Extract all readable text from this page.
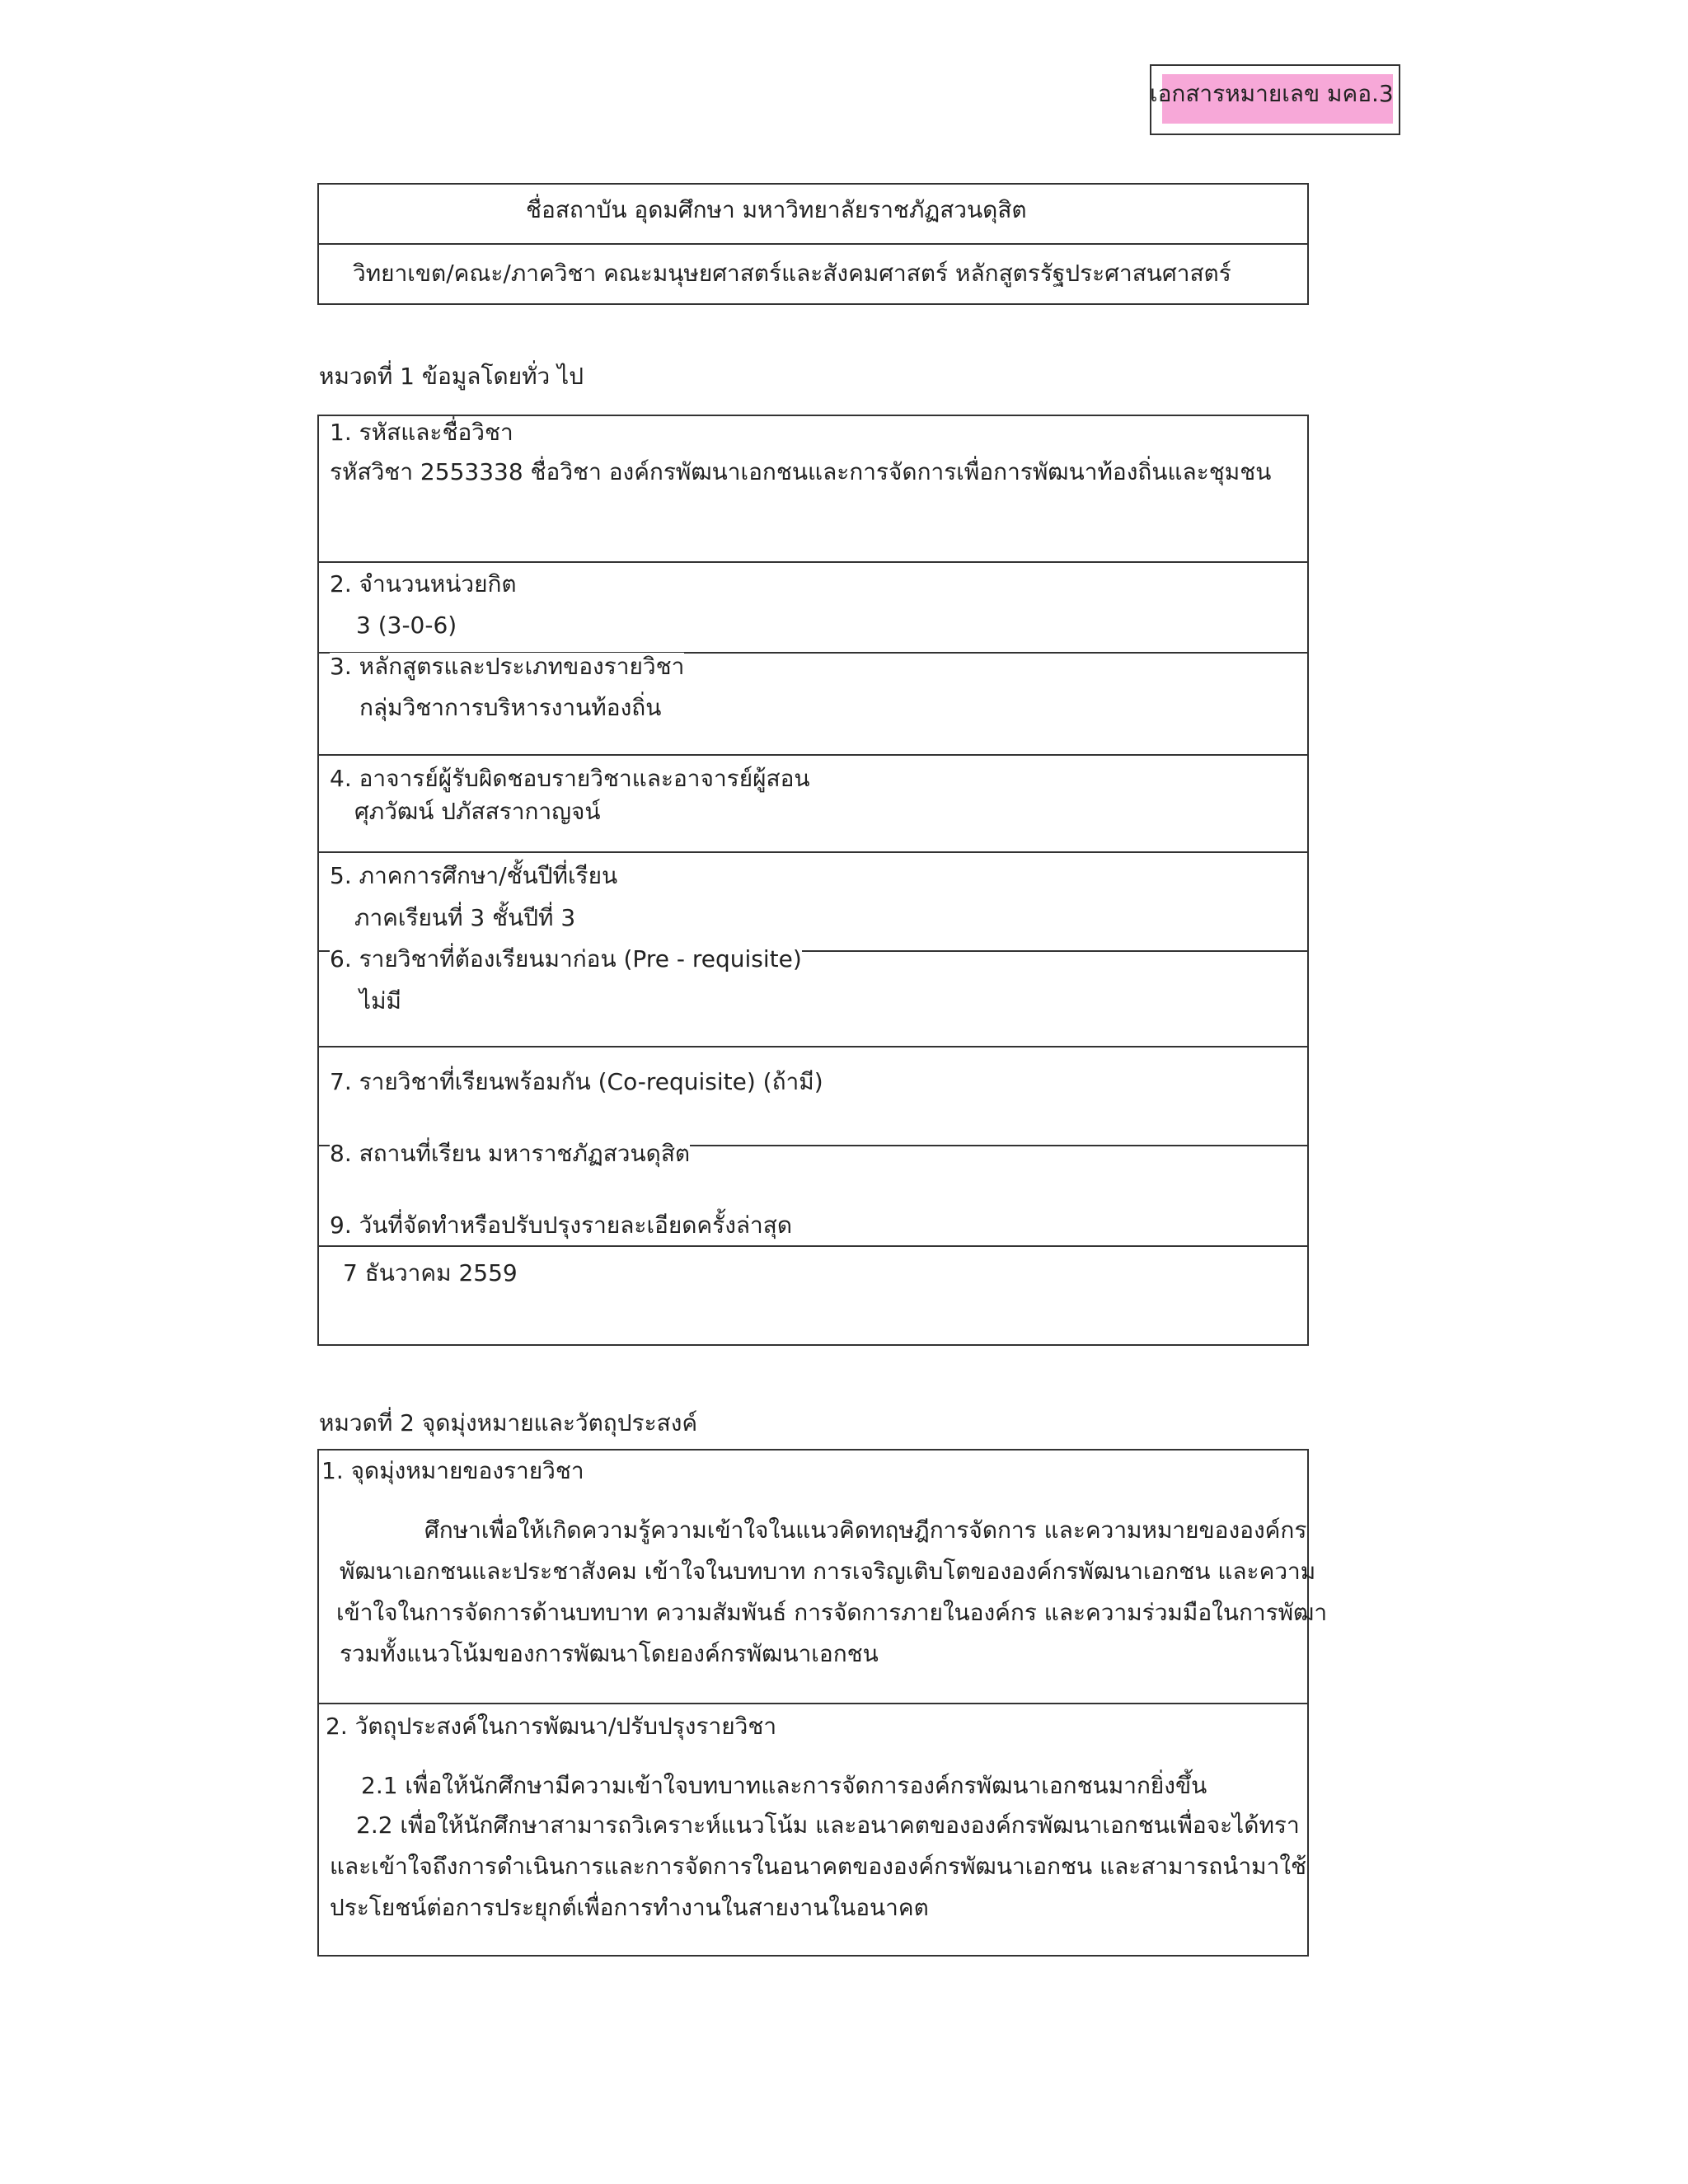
เอกสารหมายเลข มคอ.3
ชื่อสถาบัน อุดมศึกษา มหาวิทยาลัยราชภัฏสวนดุสิต
วิทยาเขต/คณะ/ภาควิชา คณะมนุษยศาสตร์และสังคมศาสตร์ หลักสูตรรัฐประศาสนศาสตร์
หมวดที่ 1 ข้อมูลโดยทั่ว ไป
1. รหัสและชื่อวิชา
รหัสวิชา 2553338 ชื่อวิชา องค์กรพัฒนาเอกชนและการจัดการเพื่อการพัฒนาท้องถิ่นและชุมชน
2. จำนวนหน่วยกิต
3 (3-0-6)
3. หลักสูตรและประเภทของรายวิชา
กลุ่มวิชาการบริหารงานท้องถิ่น
4. อาจารย์ผู้รับผิดชอบรายวิชาและอาจารย์ผู้สอน
ศุภวัฒน์ ปภัสสรากาญจน์
5. ภาคการศึกษา/ชั้นปีที่เรียน
ภาคเรียนที่ 3 ชั้นปีที่ 3
6. รายวิชาที่ต้องเรียนมาก่อน (Pre - requisite)
ไม่มี
7. รายวิชาที่เรียนพร้อมกัน (Co-requisite) (ถ้ามี)
8. สถานที่เรียน มหาราชภัฏสวนดุสิต
9. วันที่จัดทำหรือปรับปรุงรายละเอียดครั้งล่าสุด
7 ธันวาคม 2559
หมวดที่ 2 จุดมุ่งหมายและวัตถุประสงค์
1. จุดมุ่งหมายของรายวิชา
ศึกษาเพื่อให้เกิดความรู้ความเข้าใจในแนวคิดทฤษฎีการจัดการ และความหมายขององค์กร
พัฒนาเอกชนและประชาสังคม เข้าใจในบทบาท การเจริญเติบโตขององค์กรพัฒนาเอกชน และความ
เข้าใจในการจัดการด้านบทบาท ความสัมพันธ์ การจัดการภายในองค์กร และความร่วมมือในการพัฒา
รวมทั้งแนวโน้มของการพัฒนาโดยองค์กรพัฒนาเอกชน
2. วัตถุประสงค์ในการพัฒนา/ปรับปรุงรายวิชา
2.1 เพื่อให้นักศึกษามีความเข้าใจบทบาทและการจัดการองค์กรพัฒนาเอกชนมากยิ่งขึ้น
2.2 เพื่อให้นักศึกษาสามารถวิเคราะห์แนวโน้ม และอนาคตขององค์กรพัฒนาเอกชนเพื่อจะได้ทรา
และเข้าใจถึงการดำเนินการและการจัดการในอนาคตขององค์กรพัฒนาเอกชน และสามารถนำมาใช้
ประโยชน์ต่อการประยุกต์เพื่อการทำงานในสายงานในอนาคต
